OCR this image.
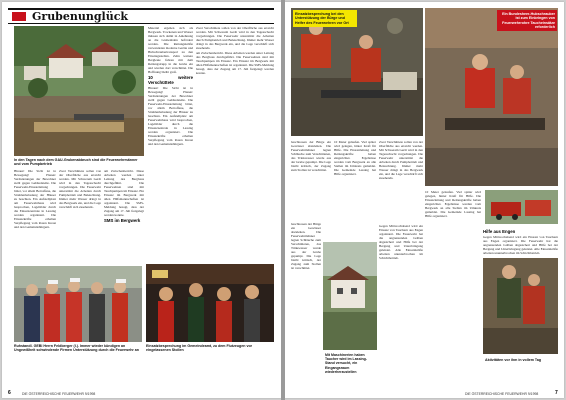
Grubenunglück
In den Tagen nach dem GAU-Grubenabbruch sind die Feuerwehrmänner und vom Pumpbetrieb

Hinaus! Die Sicht ist in Bewegung! Planen: Veränderungen der Bewohner stellt gegen Gebäudeteile. Die Feuerwehr-Einsatzleitung bittet, vor allem Betroffene, die Strahlenbelastung der Häuser zu beachten. Ein Aufstellplatz am Feuerwehrhaus wird besprochen, Lagebilder durch die Einsatzzentrale in Lassing werden organisiert. Die Einsatzkräfte erhalten Verpflegung vom Roten Kreuz und den Gemeindebürgern.

Zwei Verschüttete sollen von der Oberfläche aus erreicht werden. Mit Schwerem Gerät wird in den Tagesschacht vorgedrungen. Die Feuerwehr unterstützt die Arbeiten durch Pumpbetrieb und Beleuchtung. Immer mehr Wasser dringt in das Bergwerk ein, und die Lage verschärft sich zusehends.

am Zwischenbericht. Diese Arbeiten werden unter Leitung des Bergbaus durchgeführt. Die Feuerwehren sind mit Tauchpumpen im Einsatz. Ein Einsatz im Bergwerk mit allen Hilfsmannschaften ist organisiert. Die SMS-Meldung besagt, dass der Zugang am 17. Juli freigelegt werden konnte.

SMS im Bergwerk

Material ergehen sich als Bergwerk. Trockenen und Wasser müssen sich damit in Anlehnung an die Grubenbahn befördert werden. Die Rettungskräfte verwendeten moderne Geräte und Hubschraubertransport zu den Einstiegsstellen. Zehn weitere Bergleute fuhren mit dem Rettungstrupp in die Grube ein und wurden dort verschüttet. Die Hoffnung bleibt groß.

10 weitere Verschüttete

Hinaus! Die Sicht ist in Bewegung! Planen: Veränderungen der Bewohner stellt gegen Gebäudeteile. Die Feuerwehr-Einsatzleitung bittet, vor allem Betroffene, die Strahlenbelastung der Häuser zu beachten. Ein Aufstellplatz am Feuerwehrhaus wird besprochen, Lagebilder durch die Einsatzzentrale in Lassing werden organisiert. Die Einsatzkräfte erhalten Verpflegung vom Roten Kreuz und den Gemeindebürgern.

Zwei Verschüttete sollen von der Oberfläche aus erreicht werden. Mit Schwerem Gerät wird in den Tagesschacht vorgedrungen. Die Feuerwehr unterstützt die Arbeiten durch Pumpbetrieb und Beleuchtung. Immer mehr Wasser dringt in das Bergwerk ein, und die Lage verschärft sich zusehends.

am Zwischenbericht. Diese Arbeiten werden unter Leitung des Bergbaus durchgeführt. Die Feuerwehren sind mit Tauchpumpen im Einsatz. Ein Einsatz im Bergwerk mit allen Hilfsmannschaften ist organisiert. Die SMS-Meldung besagt, dass der Zugang am 17. Juli freigelegt werden konnte.

Ruhstandl. GEBI Herrn Feldberger (l.). Immer wieder kündigen an Ungewißheit schwindende Firmen Unterstützung durch die Feuerwehr an
Einsatzbesprechung im Gemeindeamt, zu dem Flutzeugen vor eingelassenen Stollen
DIE ÖSTERREICHISCHE FEUERWEHR 9/1998
6
Einsatzbesprechung bei den Unterstützung der Bürge und Helfer des Feuerwehren vor Ort
Ein Bundesheer-Hubschrauber ist zum Einbringen von Feuerwehrrohre Taucheinsätze erforderlich

beschlossen der Bürge ein Gewässer abzuleiten. Die Feuerwehrmänner legten Schläuche zum Verschütteten, das Trinkwasser wurde aus der Grube gepumpt. Die Lage bleibt kritisch, der Zugang zum Stollen ist verschüttet.

10 Meter gelaufen. Viel später wird gelegen, hinter Kraft für Hilfe. Die Einsatzleitung und Rettungskräfte haben eingerichtet. Ergebnisse werden vom Bergwerk an alle Stellen im Umkreis gemeldet. Die Gemeinde Lassing hat Hilfe organisiert.

Zwei Verschüttete sollen von der Oberfläche aus erreicht werden. Mit Schwerem Gerät wird in den Tagesschacht vorgedrungen. Die Feuerwehr unterstützt die Arbeiten durch Pumpbetrieb und Beleuchtung. Immer mehr Wasser dringt in das Bergwerk ein, und die Lage verschärft sich zusehends.

10 Meter gelaufen. Viel später wird gelegen, hinter Kraft für Hilfe. Die Einsatzleitung und Rettungskräfte haben eingerichtet. Ergebnisse werden vom Bergwerk an alle Stellen im Umkreis gemeldet. Die Gemeinde Lassing hat Hilfe organisiert.

Mit Maschinerien haben Taucher wird im Lassing-Stand versucht, ein Eingangsraum wiederherzustellen

beschlossen der Bürge ein Gewässer abzuleiten. Die Feuerwehrmänner legten Schläuche zum Verschütteten, das Trinkwasser wurde aus der Grube gepumpt. Die Lage bleibt kritisch, der Zugang zum Stollen ist verschüttet.

Gegen Mittwochabend wird ein Einsatz von Tauchern aus Engen organisiert. Die Feuerwehr hat die angrenzenden Gräben abgesichert und Hilfe bei der Bergung und Unterbringung geleistet. Alle Einsatzkräfte arbeiten ununterbrochen im Schichtbetrieb.

Hilfe aus Engen

Gegen Mittwochabend wird ein Einsatz von Tauchern aus Engen organisiert. Die Feuerwehr hat die angrenzenden Gräben abgesichert und Hilfe bei der Bergung und Unterbringung geleistet. Alle Einsatzkräfte arbeiten ununterbrochen im Schichtbetrieb.

Aktivitäten vor ihm in vollem Tag
DIE ÖSTERREICHISCHE FEUERWEHR 9/1998	7
